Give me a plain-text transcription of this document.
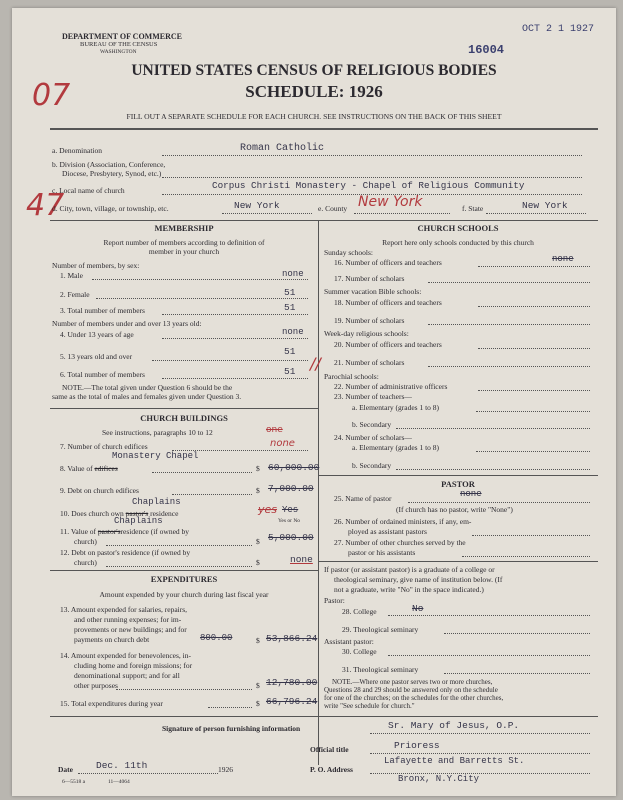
DEPARTMENT OF COMMERCE
BUREAU OF THE CENSUS
WASHINGTON
OCT 2 1 1927
16004
07
47
UNITED STATES CENSUS OF RELIGIOUS BODIES
SCHEDULE: 1926
FILL OUT A SEPARATE SCHEDULE FOR EACH CHURCH. SEE INSTRUCTIONS ON THE BACK OF THIS SHEET
a. Denomination	Roman Catholic
b. Division (Association, Conference,
Diocese, Presbytery, Synod, etc.)
c. Local name of church	Corpus Christi Monastery - Chapel of Religious Community
d. City, town, village, or township, etc.	New York	e. County New York	f. State	New York
MEMBERSHIP
Report number of members according to definition of
member in your church
Number of members, by sex:
1. Male	none
2. Female	51
3. Total number of members	51
Number of members under and over 13 years old:
4. Under 13 years of age	none
5. 13 years old and over	51
6. Total number of members	51 //
NOTE.—The total given under Question 6 should be the
same as the total of males and females given under Question 3.
CHURCH BUILDINGS
See instructions, paragraphs 10 to 12	one
7. Number of church edifices	none
Monastery Chapel
8. Value of edifices	$ 60,000.00
9. Debt on church edifices	$ 7,000.00
Chaplains
10. Does church own pastor's residence	yes Yes
Yes or No
Chaplains
11. Value of pastor'sresidence (if owned by
church)	$ 5,000.00
12. Debt on pastor's residence (if owned by
church)	$	none
EXPENDITURES
Amount expended by your church during last fiscal year
13. Amount expended for salaries, repairs,
and other running expenses; for im-
provements or new buildings; and for
payments on church debt	800.00	$ 53,866.24
14. Amount expended for benevolences, in-
cluding home and foreign missions; for
denominational support; and for all
other purposes	$ 12,780.00
15. Total expenditures during year	$ 66,796.24
CHURCH SCHOOLS
Report here only schools conducted by this church
Sunday schools:
16. Number of officers and teachers	none
17. Number of scholars
Summer vacation Bible schools:
18. Number of officers and teachers
19. Number of scholars
Week-day religious schools:
20. Number of officers and teachers
21. Number of scholars
Parochial schools:
22. Number of administrative officers
23. Number of teachers—
a. Elementary (grades 1 to 8)
b. Secondary
24. Number of scholars—
a. Elementary (grades 1 to 8)
b. Secondary
PASTOR
25. Name of pastor	none
(If church has no pastor, write "None")
26. Number of ordained ministers, if any, em-
ployed as assistant pastors
27. Number of other churches served by the
pastor or his assistants
If pastor (or assistant pastor) is a graduate of a college or
theological seminary, give name of institution below. (If
not a graduate, write "No" in the space indicated.)
Pastor:
28. College	No
29. Theological seminary
Assistant pastor:
30. College
31. Theological seminary
NOTE.—Where one pastor serves two or more churches,
Questions 28 and 29 should be answered only on the schedule
for one of the churches; on the schedules for the other churches,
write "See schedule for church."
Signature of person furnishing information	Sr. Mary of Jesus, O.P.
Official title	Prioress
Date Dec. 11th	1926	P. O. Address
Lafayette and Barretts St.
Bronx, N.Y.City
6—5518 a	11—4064
